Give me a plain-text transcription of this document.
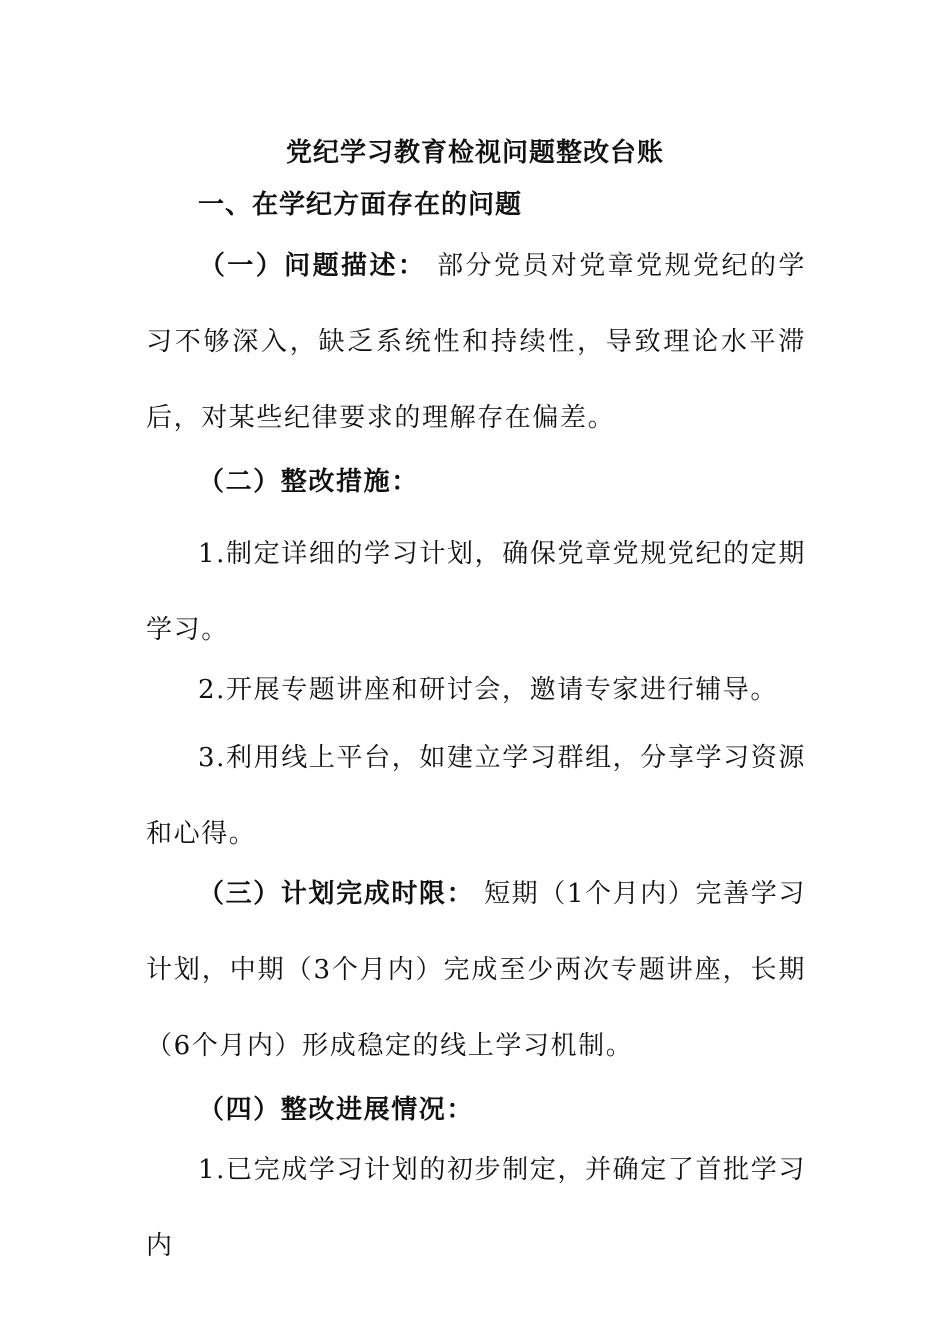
党纪学习教育检视问题整改台账
一、在学纪方面存在的问题
（一）问题描述： 部分党员对党章党规党纪的学习不够深入，缺乏系统性和持续性，导致理论水平滞后，对某些纪律要求的理解存在偏差。
（二）整改措施：
1.制定详细的学习计划，确保党章党规党纪的定期学习。
2.开展专题讲座和研讨会，邀请专家进行辅导。
3.利用线上平台，如建立学习群组，分享学习资源和心得。
（三）计划完成时限： 短期（1个月内）完善学习计划，中期（3个月内）完成至少两次专题讲座，长期（6个月内）形成稳定的线上学习机制。
（四）整改进展情况：
1.已完成学习计划的初步制定，并确定了首批学习内
